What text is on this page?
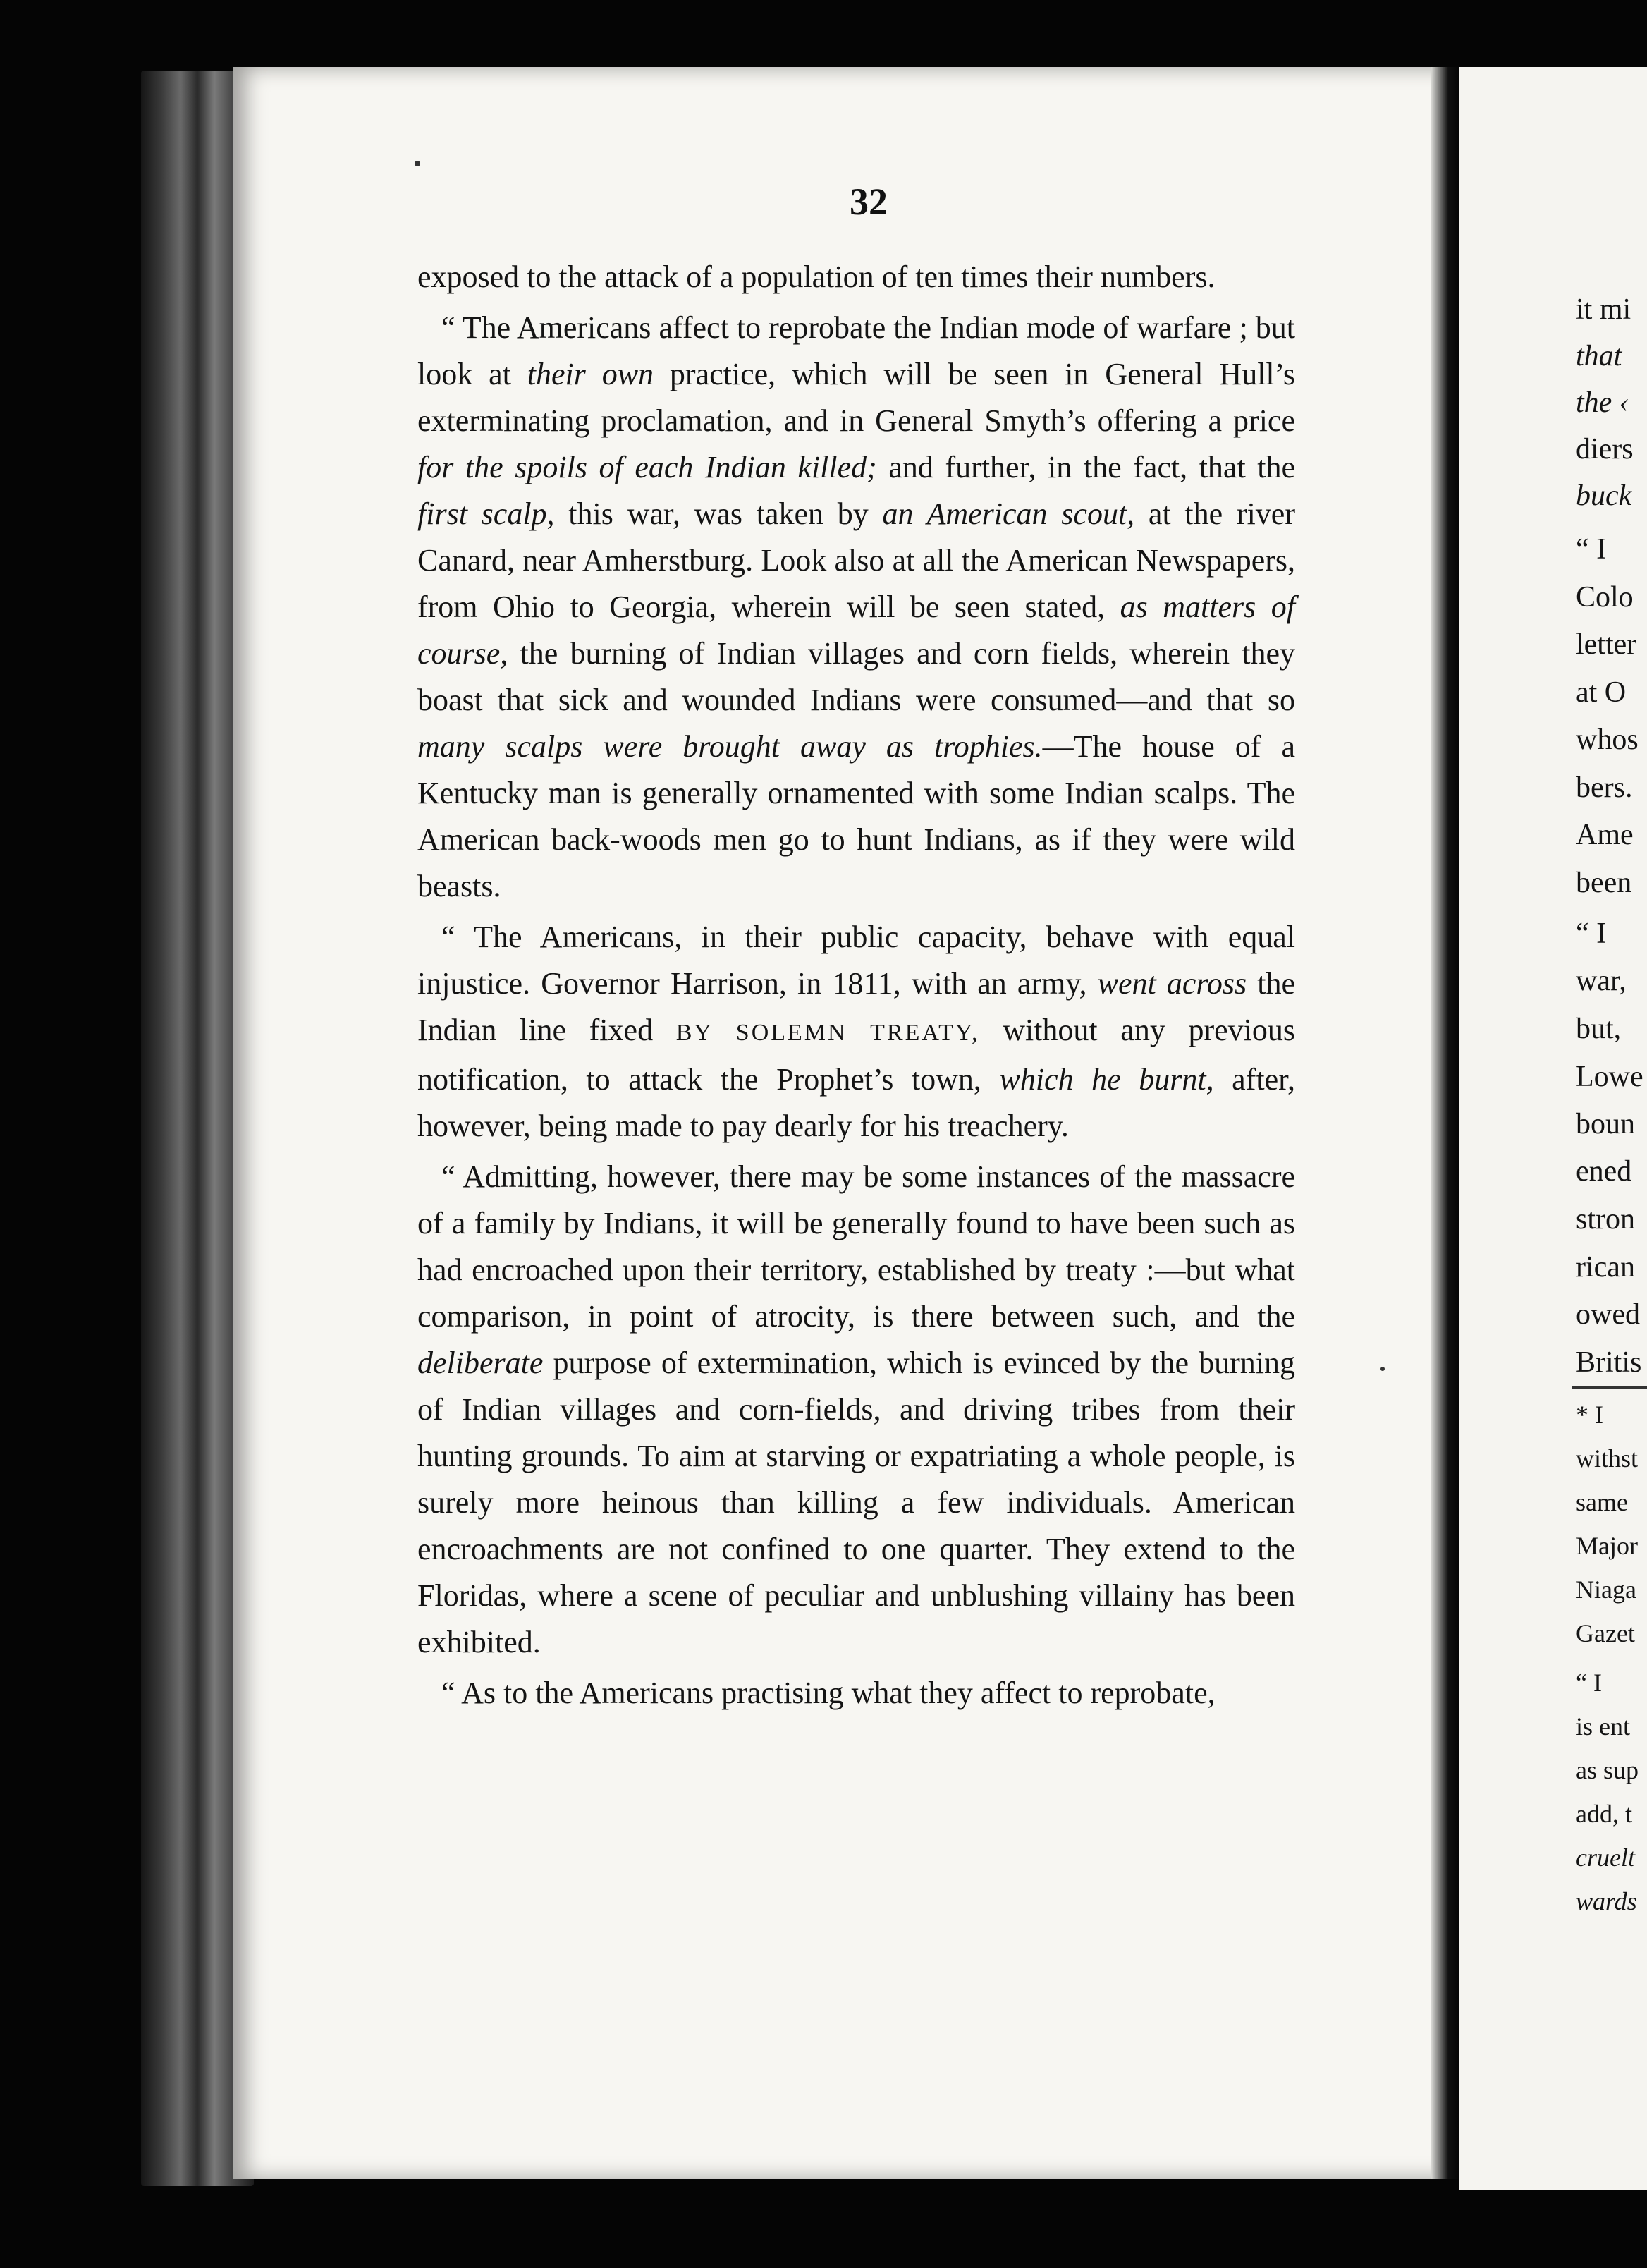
32

exposed to the attack of a population of ten times their numbers.

“ The Americans affect to reprobate the Indian mode of warfare ; but look at their own practice, which will be seen in General Hull’s exterminating proclamation, and in General Smyth’s offering a price for the spoils of each Indian killed; and further, in the fact, that the first scalp, this war, was taken by an American scout, at the river Canard, near Amherstburg. Look also at all the American Newspapers, from Ohio to Georgia, wherein will be seen stated, as matters of course, the burning of Indian villages and corn fields, wherein they boast that sick and wounded Indians were consumed—and that so many scalps were brought away as trophies.—The house of a Kentucky man is generally ornamented with some Indian scalps. The American back-woods men go to hunt Indians, as if they were wild beasts.

“ The Americans, in their public capacity, behave with equal injustice. Governor Harrison, in 1811, with an army, went across the Indian line fixed BY SOLEMN TREATY, without any previous notification, to attack the Prophet’s town, which he burnt, after, however, being made to pay dearly for his treachery.

“ Admitting, however, there may be some instances of the massacre of a family by Indians, it will be generally found to have been such as had encroached upon their territory, established by treaty :—but what comparison, in point of atrocity, is there between such, and the deliberate purpose of extermination, which is evinced by the burning of Indian villages and corn-fields, and driving tribes from their hunting grounds. To aim at starving or expatriating a whole people, is surely more heinous than killing a few individuals. American encroachments are not confined to one quarter. They extend to the Floridas, where a scene of peculiar and unblushing villainy has been exhibited.

“ As to the Americans practising what they affect to reprobate,

it mi
that
the ‹
diers
buck
“ I
Colo
letter
at O
whos
bers.
Ame
been
“ I
war,
but,
Lowe
boun
ened
stron
rican
owed
Britis
* I
withst
same
Major
Niaga
Gazet
“ I
is ent
as sup
add, t
cruelt
wards
